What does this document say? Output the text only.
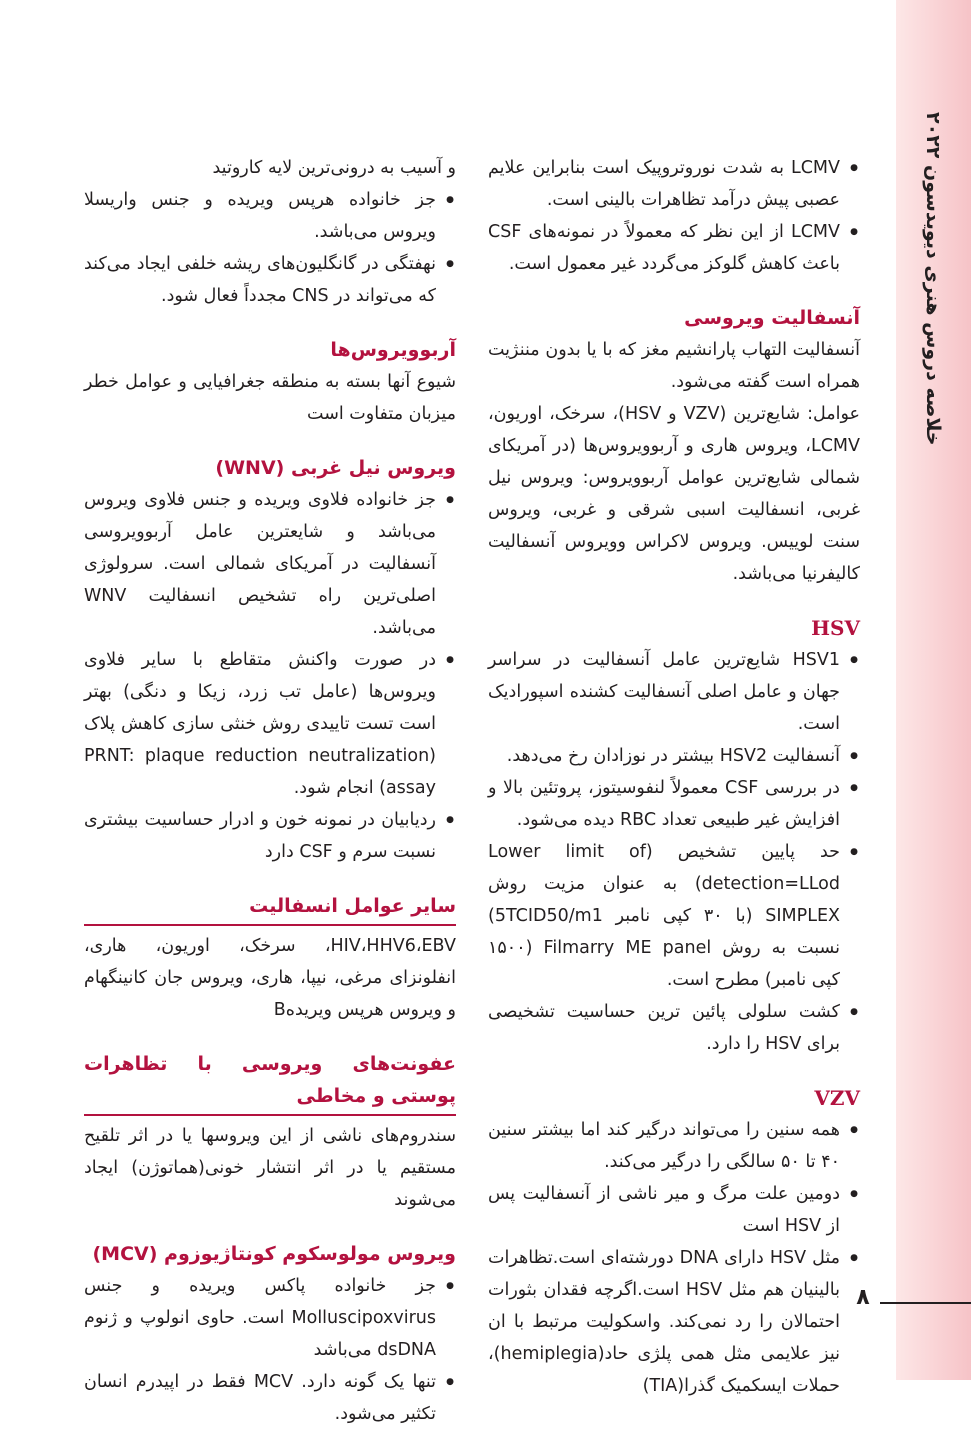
خلاصه دروس هنری دیویدسون ۲۰۲۲
● LCMV به شدت نوروتروپیک است بنابراین علایم عصبی پیش درآمد تظاهرات بالینی است.
● LCMV از این نظر که معمولاً در نمونه‌های CSF باعث کاهش گلوکز می‌گردد غیر معمول است.
آنسفالیت ویروسی

آنسفالیت التهاب پارانشیم مغز که با یا بدون مننژیت همراه است گفته می‌شود.

عوامل: شایع‌ترین (VZV و HSV)، سرخک، اوریون، LCMV، ویروس هاری و آربوویروس‌ها (در آمریکای شمالی شایع‌ترین عوامل آربوویروس: ویروس نیل غربی، انسفالیت اسبی شرقی و غربی، ویروس سنت لوییس. ویروس لاکراس وویروس آنسفالیت کالیفرنیا می‌باشد.

HSV
● HSV1 شایع‌ترین عامل آنسفالیت در سراسر جهان و عامل اصلی آنسفالیت کشنده اسپورادیک است.
● آنسفالیت HSV2 بیشتر در نوزادان رخ می‌دهد.
● در بررسی CSF معمولاً لنفوسیتوز، پروتئین بالا و افزایش غیر طبیعی تعداد RBC دیده می‌شود.
● حد پایین تشخیص (Lower limit of detection=LLod) به عنوان مزیت روش SIMPLEX (با ۳۰ کپی نامبر 5TCID50/m1) نسبت به روش Filmarry ME panel (۱۵۰۰ کپی نامبر) مطرح است.
● کشت سلولی پائین ترین حساسیت تشخیصی برای HSV را دارد.
VZV
● همه سنین را می‌تواند درگیر کند اما بیشتر سنین ۴۰ تا ۵۰ سالگی را درگیر می‌کند.
● دومین علت مرگ و میر ناشی از آنسفالیت پس از HSV است
● مثل HSV دارای DNA دورشته‌ای است.تظاهرات بالینیان هم مثل HSV است.اگرچه فقدان بثورات احتمالان را رد نمی‌کند. واسکولیت مرتبط با ان نیز علایمی مثل همی پلژی حاد(hemiplegia)، حملات ایسکمیک گذرا(TIA)

و آسیب به درونی‌ترین لایه کاروتید

● جز خانواده هرپس ویریده و جنس واریسلا ویروس می‌باشد.
● نهفتگی در گانگلیون‌های ریشه خلفی ایجاد می‌کند که می‌تواند در CNS مجدداً فعال شود.
آربوویروس‌ها

شیوع آنها بسته به منطقه جغرافیایی و عوامل خطر میزبان متفاوت است

ویروس نیل غربی (WNV)
● جز خانواده فلاوی ویریده و جنس فلاوی ویروس می‌باشد و شایعترین عامل آربوویروسی آنسفالیت در آمریکای شمالی است. سرولوژی اصلی‌ترین راه تشخیص انسفالیت WNV می‌باشد.
● در صورت واکنش متقاطع با سایر فلاوی ویروس‌ها (عامل تب زرد، زیکا و دنگی) بهتر است تست تاییدی روش خنثی سازی کاهش پلاک (PRNT: plaque reduction neutralization assay) انجام شود.
● ردیابیان در نمونه خون و ادرار حساسیت بیشتری نسبت سرم و CSF دارد
سایر عوامل انسفالیت

HIV،HHV6،EBV، سرخک، اوریون، هاری، انفلونزای مرغی، نیپا، هاری، ویروس جان کانینگهام و ویروس هرپس ویریده‌B

عفونت‌های ویروسی با تظاهرات پوستی و مخاطی

سندروم‌های ناشی از این ویروسها یا در اثر تلقیح مستقیم یا در اثر انتشار خونی(هماتوژن) ایجاد می‌شوند

ویروس مولوسکوم کونتاژیوزوم (MCV)
● جز خانواده پاکس ویریده و جنس Molluscipoxvirus است. حاوی انولوپ و ژنوم dsDNA می‌باشد
● تنها یک گونه دارد. MCV فقط در اپیدرم انسان تکثیر می‌شود.
۸
